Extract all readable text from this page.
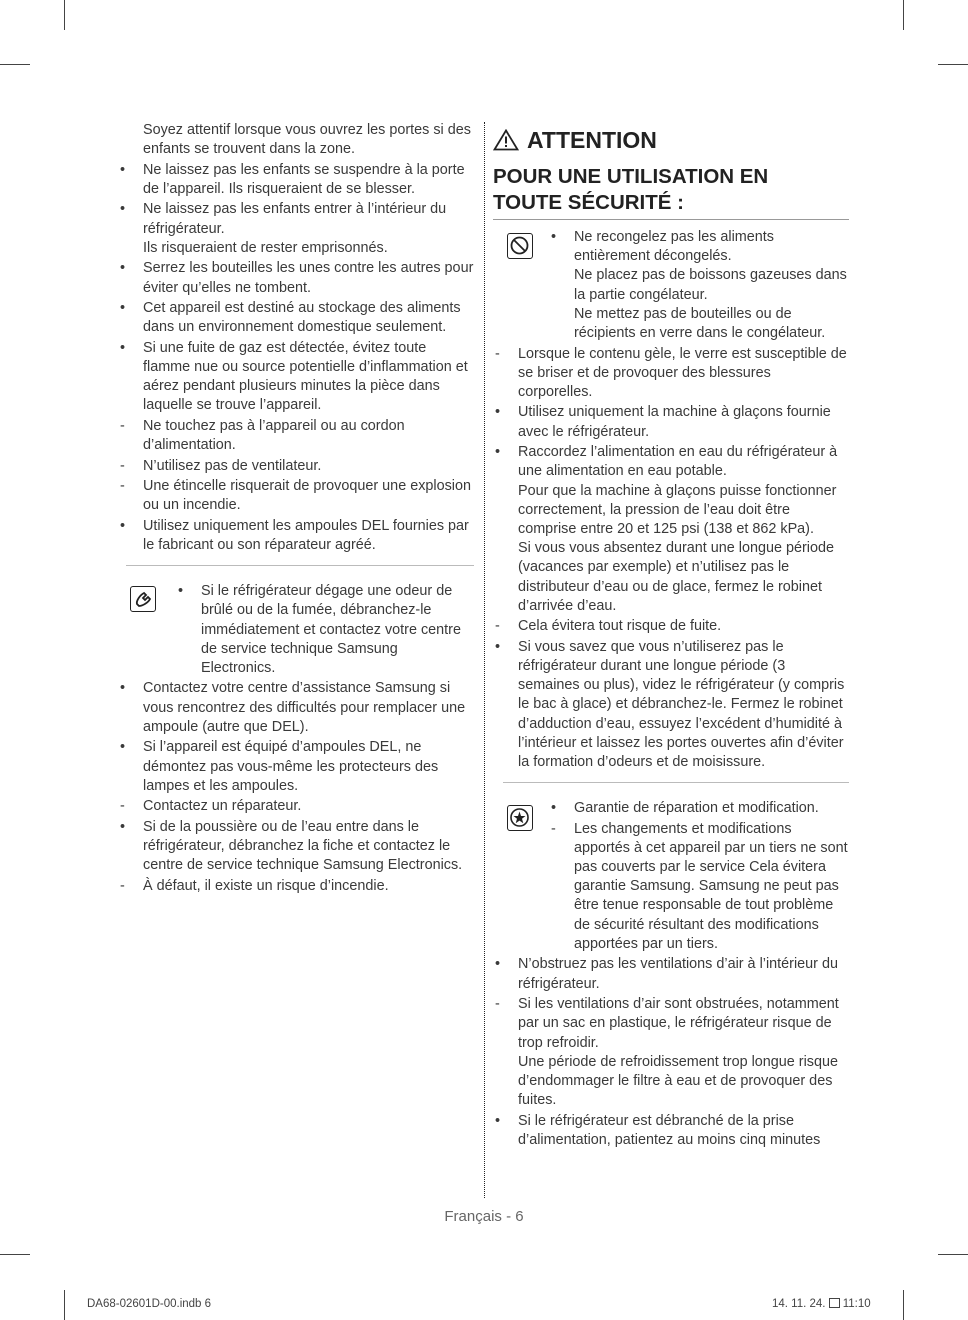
Soyez attentif lorsque vous ouvrez les portes si des enfants se trouvent dans la zone.
•	Ne laissez pas les enfants se suspendre à la porte de l’appareil. Ils risqueraient de se blesser.
•	Ne laissez pas les enfants entrer à l’intérieur du réfrigérateur.
Ils risqueraient de rester emprisonnés.
•	Serrez les bouteilles les unes contre les autres pour éviter qu’elles ne tombent.
•	Cet appareil est destiné au stockage des aliments dans un environnement domestique seulement.
•	Si une fuite de gaz est détectée, évitez toute flamme nue ou source potentielle d’inflammation et aérez pendant plusieurs minutes la pièce dans laquelle se trouve l’appareil.
-	Ne touchez pas à l’appareil ou au cordon d’alimentation.
-	N’utilisez pas de ventilateur.
-	Une étincelle risquerait de provoquer une explosion ou un incendie.
•	Utilisez uniquement les ampoules DEL fournies par le fabricant ou son réparateur agréé.
•	Si le réfrigérateur dégage une odeur de brûlé ou de la fumée, débranchez-le immédiatement et contactez votre centre de service technique Samsung Electronics.
•	Contactez votre centre d’assistance Samsung si vous rencontrez des difficultés pour remplacer une ampoule (autre que DEL).
•	Si l’appareil est équipé d’ampoules DEL, ne démontez pas vous-même les protecteurs des lampes et les ampoules.
-	Contactez un réparateur.
•	Si de la poussière ou de l’eau entre dans le réfrigérateur, débranchez la fiche et contactez le centre de service technique Samsung Electronics.
-	À défaut, il existe un risque d’incendie.
ATTENTION
POUR UNE UTILISATION EN
TOUTE SÉCURITÉ :
•	Ne recongelez pas les aliments entièrement décongelés.
Ne placez pas de boissons gazeuses dans la partie congélateur.
Ne mettez pas de bouteilles ou de récipients en verre dans le congélateur.
-	Lorsque le contenu gèle, le verre est susceptible de se briser et de provoquer des blessures corporelles.
•	Utilisez uniquement la machine à glaçons fournie avec le réfrigérateur.
•	Raccordez l’alimentation en eau du réfrigérateur à une alimentation en eau potable.
Pour que la machine à glaçons puisse fonctionner correctement, la pression de l’eau doit être comprise entre 20 et 125 psi (138 et 862 kPa).
Si vous vous absentez durant une longue période (vacances par exemple) et n’utilisez pas le distributeur d’eau ou de glace, fermez le robinet d’arrivée d’eau.
-	Cela évitera tout risque de fuite.
•	Si vous savez que vous n’utiliserez pas le réfrigérateur durant une longue période (3 semaines ou plus), videz le réfrigérateur (y compris le bac à glace) et débranchez-le. Fermez le robinet d’adduction d’eau, essuyez l’excédent d’humidité à l’intérieur et laissez les portes ouvertes afin d’éviter la formation d’odeurs et de moisissure.
•	Garantie de réparation et modification.
-	Les changements et modifications apportés à cet appareil par un tiers ne sont pas couverts par le service Cela évitera garantie Samsung. Samsung ne peut pas être tenue responsable de tout problème de sécurité résultant des modifications apportées par un tiers.
•	N’obstruez pas les ventilations d’air à l’intérieur du réfrigérateur.
-	Si les ventilations d’air sont obstruées, notamment par un sac en plastique, le réfrigérateur risque de trop refroidir.
Une période de refroidissement trop longue risque d’endommager le filtre à eau et de provoquer des fuites.
•	Si le réfrigérateur est débranché de la prise d’alimentation, patientez au moins cinq minutes
Français - 6
DA68-02601D-00.indb 6	14. 11. 24. 11:10
